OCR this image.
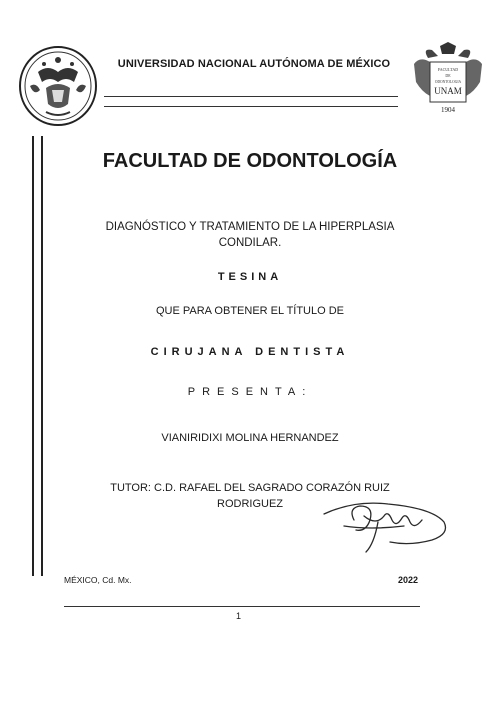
UNIVERSIDAD NACIONAL AUTÓNOMA DE MÉXICO	FACULTAD
DE
ODONTOLOGIA
UNAM
1904
FACULTAD DE ODONTOLOGÍA
DIAGNÓSTICO Y TRATAMIENTO DE LA HIPERPLASIA
CONDILAR.
TESINA
QUE PARA OBTENER EL TÍTULO DE
CIRUJANA DENTISTA
PRESENTA:
VIANIRIDIXI MOLINA HERNANDEZ
TUTOR: C.D. RAFAEL DEL SAGRADO CORAZÓN RUIZ
RODRIGUEZ
MÉXICO, Cd. Mx.	2022
1
